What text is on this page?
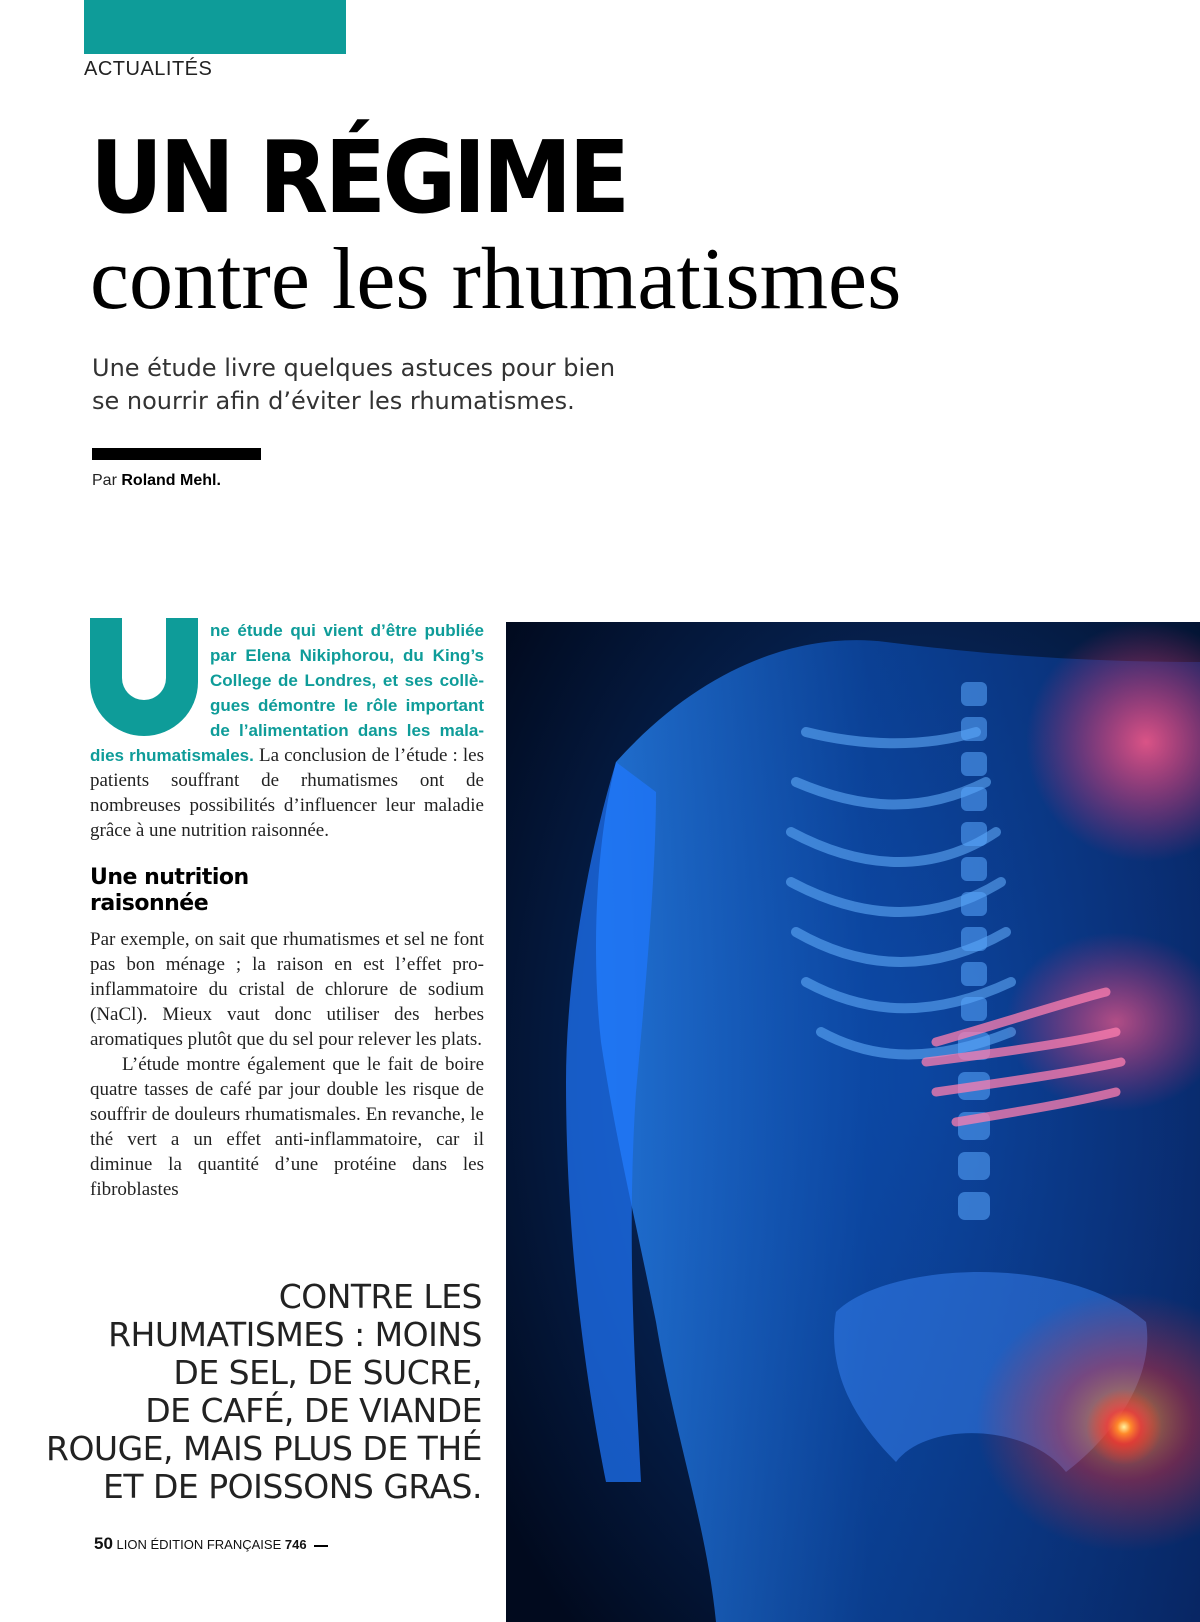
ACTUALITÉS
UN RÉGIME
contre les rhumatismes

Une étude livre quelques astuces pour bien
se nourrir afin d’éviter les rhumatismes.

Par Roland Mehl.
ne étude qui vient d’être publiée
par Elena Nikiphorou, du King’s
College de Londres, et ses collè-
gues démontre le rôle important
de l’alimentation dans les mala-

dies rhumatismales. La conclusion de l’étude : les patients souffrant de rhumatismes ont de nombreuses possibilités d’influencer leur maladie grâce à une nutrition raisonnée.

Une nutrition raisonnée

Par exemple, on sait que rhumatismes et sel ne font pas bon ménage ; la raison en est l’effet pro-inflammatoire du cristal de chlorure de sodium (NaCl). Mieux vaut donc utiliser des herbes aromatiques plutôt que du sel pour relever les plats.

L’étude montre également que le fait de boire quatre tasses de café par jour double les risque de souffrir de douleurs rhumatismales. En revanche, le thé vert a un effet anti-inflammatoire, car il diminue la quantité d’une protéine dans les fibroblastes

CONTRE LES
RHUMATISMES : MOINS
DE SEL, DE SUCRE,
DE CAFÉ, DE VIANDE
ROUGE, MAIS PLUS DE THÉ
ET DE POISSONS GRAS.

50 LION ÉDITION FRANÇAISE 746
